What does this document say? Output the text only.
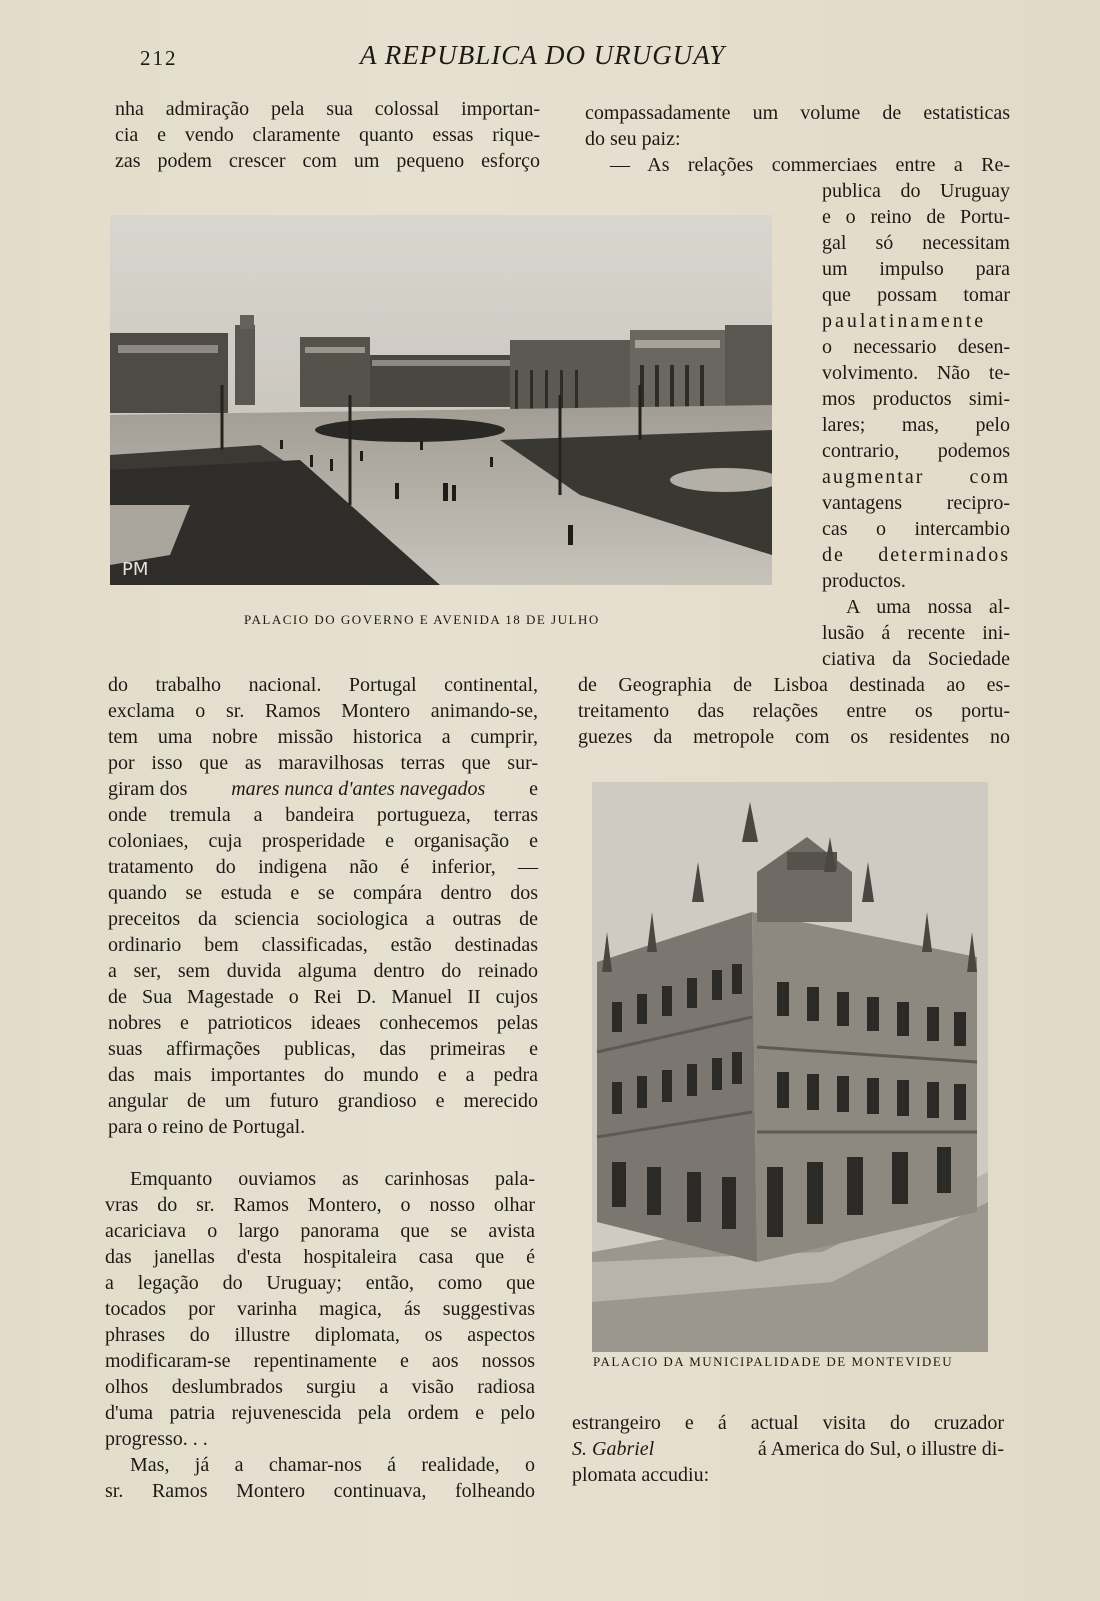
212	A REPUBLICA DO URUGUAY
nha admiração pela sua colossal importan-
cia e vendo claramente quanto essas rique-
zas podem crescer com um pequeno esforço
compassadamente um volume de estatisticas
do seu paiz:
— As relações commerciaes entre a Re-
PM
PALACIO DO GOVERNO E AVENIDA 18 DE JULHO
publica do Uruguay
e o reino de Portu-
gal só necessitam
um impulso para
que possam tomar
paulatinamente
o necessario desen-
volvimento. Não te-
mos productos simi-
lares; mas, pelo
contrario, podemos
augmentar com
vantagens recipro-
cas o intercambio
de determinados
productos.
A uma nossa al-
lusão á recente ini-
ciativa da Sociedade
de Geographia de Lisboa destinada ao es-
treitamento das relações entre os portu-
guezes da metropole com os residentes no
do trabalho nacional. Portugal continental,
exclama o sr. Ramos Montero animando-se,
tem uma nobre missão historica a cumprir,
por isso que as maravilhosas terras que sur-
giram dos mares nunca d'antes navegados e
onde tremula a bandeira portugueza, terras
coloniaes, cuja prosperidade e organisação e
tratamento do indigena não é inferior, —
quando se estuda e se compára dentro dos
preceitos da sciencia sociologica a outras de
ordinario bem classificadas, estão destinadas
a ser, sem duvida alguma dentro do reinado
de Sua Magestade o Rei D. Manuel II cujos
nobres e patrioticos ideaes conhecemos pelas
suas affirmações publicas, das primeiras e
das mais importantes do mundo e a pedra
angular de um futuro grandioso e merecido
para o reino de Portugal.
Emquanto ouviamos as carinhosas pala-
vras do sr. Ramos Montero, o nosso olhar
acariciava o largo panorama que se avista
das janellas d'esta hospitaleira casa que é
a legação do Uruguay; então, como que
tocados por varinha magica, ás suggestivas
phrases do illustre diplomata, os aspectos
modificaram-se repentinamente e aos nossos
olhos deslumbrados surgiu a visão radiosa
d'uma patria rejuvenescida pela ordem e pelo
progresso. . .
Mas, já a chamar-nos á realidade, o
sr. Ramos Montero continuava, folheando
PALACIO DA MUNICIPALIDADE DE MONTEVIDEU
estrangeiro e á actual visita do cruzador
S. Gabriel	á America do Sul, o illustre di-
plomata accudiu:
